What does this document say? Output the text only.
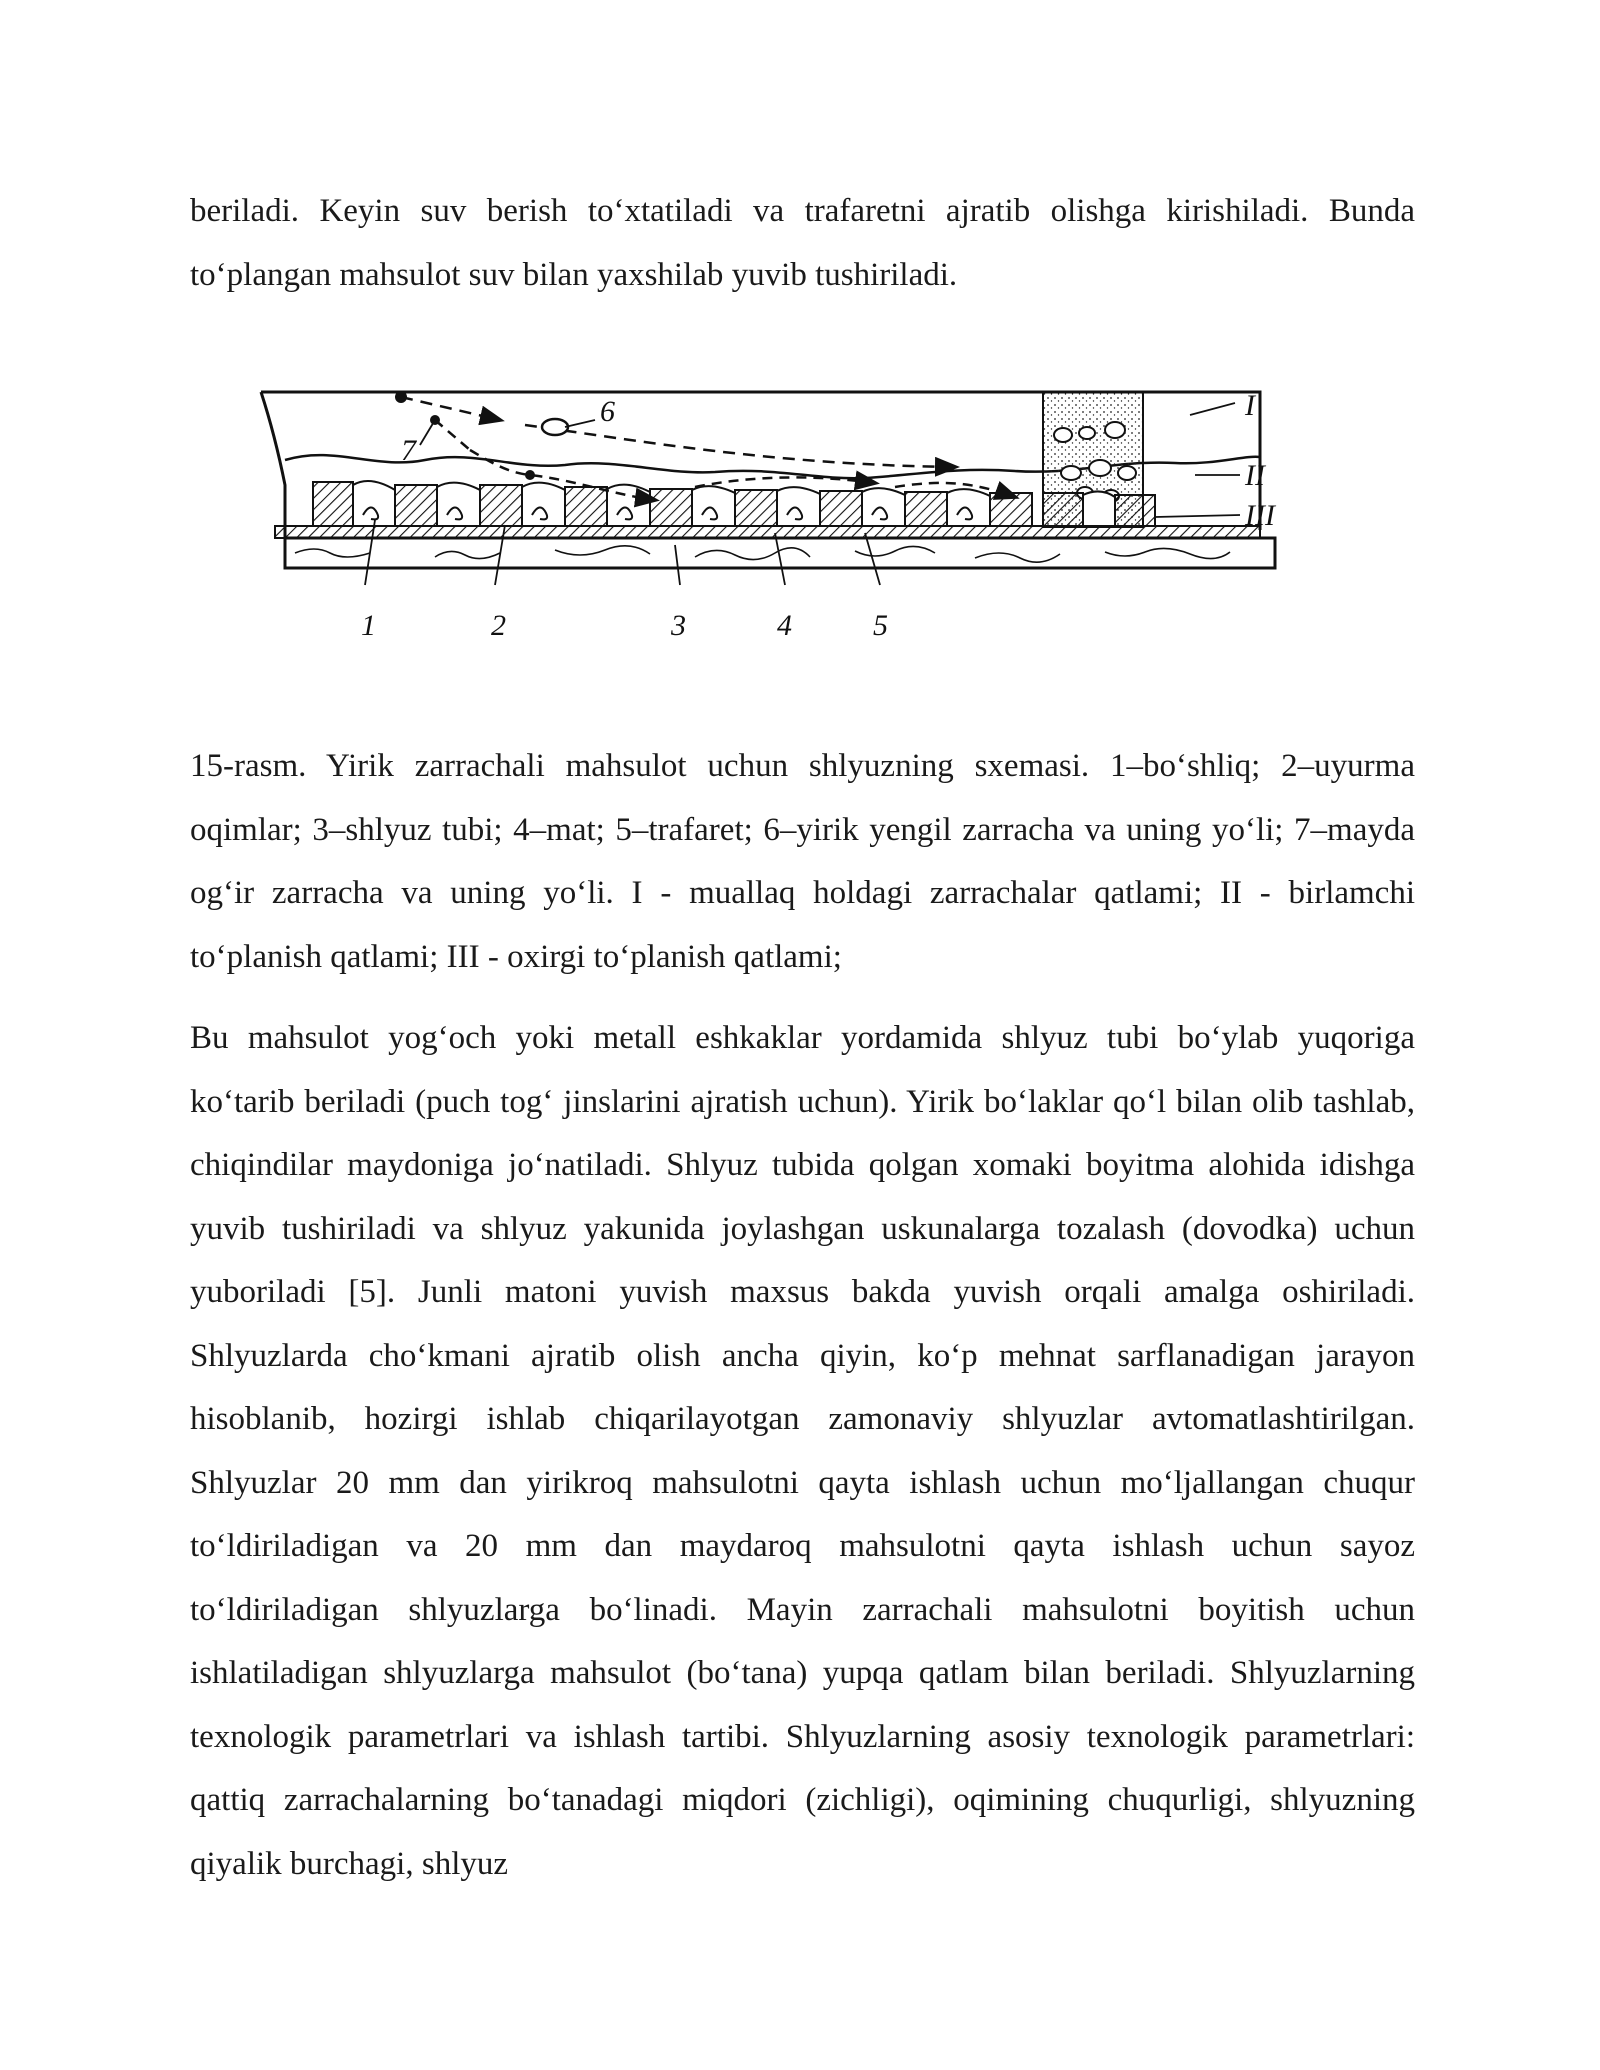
beriladi. Keyin suv berish to‘xtatiladi va trafaretni ajratib olishga kirishiladi. Bunda to‘plangan mahsulot suv bilan yaxshilab yuvib tushiriladi.

1	2	3	4	5
6
7
I
II
III

15-rasm. Yirik zarrachali mahsulot uchun shlyuzning sxemasi. 1–bo‘shliq; 2–uyurma oqimlar; 3–shlyuz tubi; 4–mat; 5–trafaret; 6–yirik yengil zarracha va uning yo‘li; 7–mayda og‘ir zarracha va uning yo‘li. I - muallaq holdagi zarrachalar qatlami; II - birlamchi to‘planish qatlami; III - oxirgi to‘planish qatlami;

Bu mahsulot yog‘och yoki metall eshkaklar yordamida shlyuz tubi bo‘ylab yuqoriga ko‘tarib beriladi (puch tog‘ jinslarini ajratish uchun). Yirik bo‘laklar qo‘l bilan olib tashlab, chiqindilar maydoniga jo‘natiladi. Shlyuz tubida qolgan xomaki boyitma alohida idishga yuvib tushiriladi va shlyuz yakunida joylashgan uskunalarga tozalash (dovodka) uchun yuboriladi [5]. Junli matoni yuvish maxsus bakda yuvish orqali amalga oshiriladi. Shlyuzlarda cho‘kmani ajratib olish ancha qiyin, ko‘p mehnat sarflanadigan jarayon hisoblanib, hozirgi ishlab chiqarilayotgan zamonaviy shlyuzlar avtomatlashtirilgan. Shlyuzlar 20 mm dan yirikroq mahsulotni qayta ishlash uchun mo‘ljallangan chuqur to‘ldiriladigan va 20 mm dan maydaroq mahsulotni qayta ishlash uchun sayoz to‘ldiriladigan shlyuzlarga bo‘linadi. Mayin zarrachali mahsulotni boyitish uchun ishlatiladigan shlyuzlarga mahsulot (bo‘tana) yupqa qatlam bilan beriladi. Shlyuzlarning texnologik parametrlari va ishlash tartibi. Shlyuzlarning asosiy texnologik parametrlari: qattiq zarrachalarning bo‘tanadagi miqdori (zichligi), oqimining chuqurligi, shlyuzning qiyalik burchagi, shlyuz
